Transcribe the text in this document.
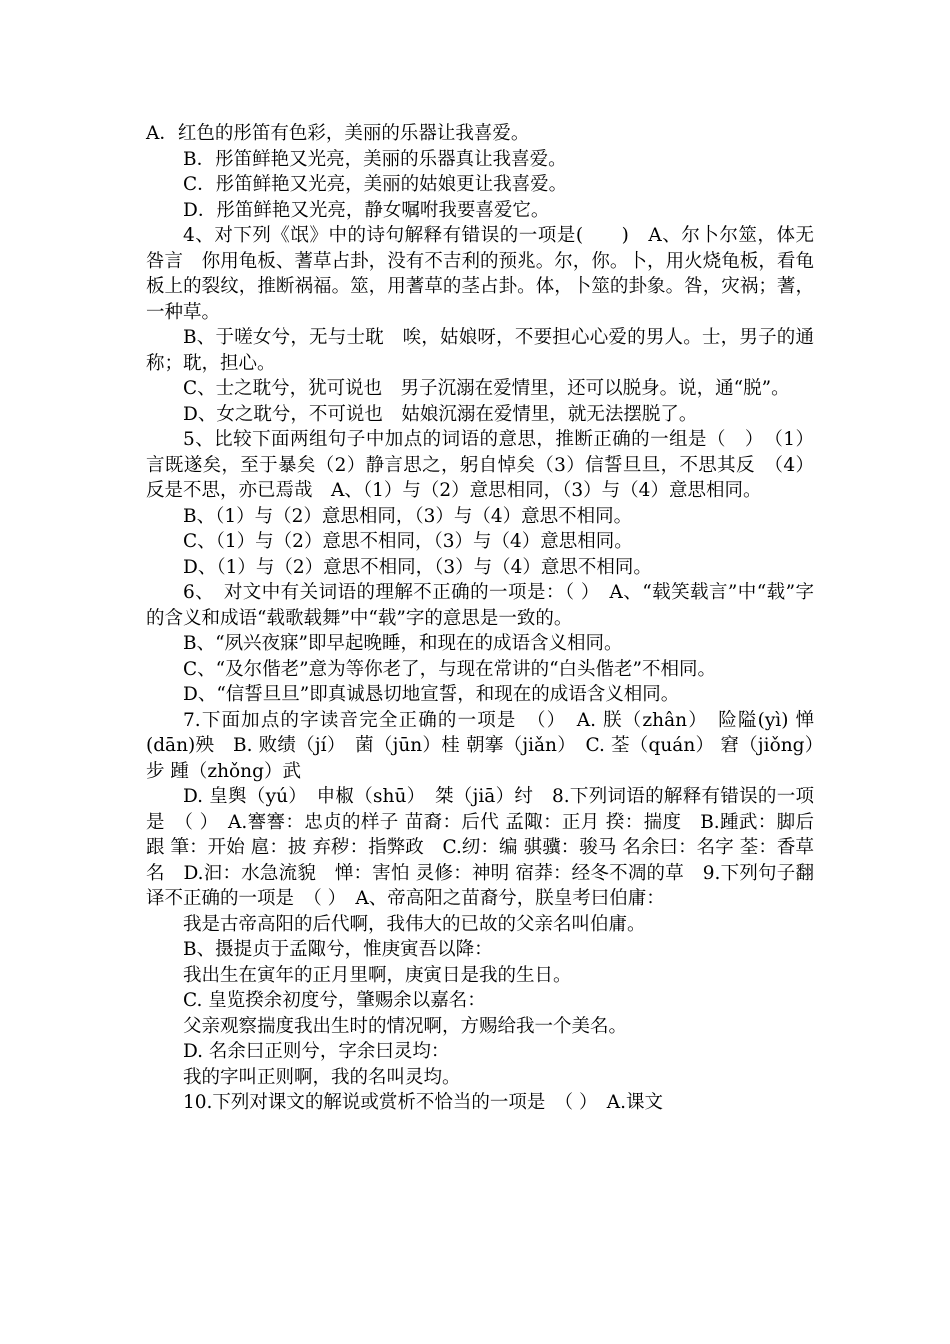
A．红色的彤笛有色彩，美丽的乐器让我喜爱。

B．彤笛鲜艳又光亮，美丽的乐器真让我喜爱。

C．彤笛鲜艳又光亮，美丽的姑娘更让我喜爱。

D．彤笛鲜艳又光亮，静女嘱咐我要喜爱它。

4、对下列《氓》中的诗句解释有错误的一项是(　　)　A、尔卜尔筮，体无咎言　你用龟板、蓍草占卦，没有不吉利的预兆。尔，你。卜，用火烧龟板，看龟板上的裂纹，推断祸福。筮，用蓍草的茎占卦。体，卜筮的卦象。咎，灾祸；蓍，一种草。

B、于嗟女兮，无与士耽　唉，姑娘呀，不要担心心爱的男人。士，男子的通称；耽，担心。

C、士之耽兮，犹可说也　男子沉溺在爱情里，还可以脱身。说，通“脱”。

D、女之耽兮，不可说也　姑娘沉溺在爱情里，就无法摆脱了。

5、比较下面两组句子中加点的词语的意思，推断正确的一组是（　）　（1）言既遂矣，至于暴矣（2）静言思之，躬自悼矣（3）信誓旦旦，不思其反　（4）反是不思，亦已焉哉　A、（1）与（2）意思相同，（3）与（4）意思相同。

B、（1）与（2）意思相同，（3）与（4）意思不相同。

C、（1）与（2）意思不相同，（3）与（4）意思相同。

D、（1）与（2）意思不相同，（3）与（4）意思不相同。

6、　对文中有关词语的理解不正确的一项是：（ ）　A、“载笑载言”中“载”字的含义和成语“载歌载舞”中“载”字的意思是一致的。

B、“夙兴夜寐”即早起晚睡，和现在的成语含义相同。

C、“及尔偕老”意为等你老了，与现在常讲的“白头偕老”不相同。

D、“信誓旦旦”即真诚恳切地宣誓，和现在的成语含义相同。

7.下面加点的字读音完全正确的一项是　（）　A. 朕（zhân）　险隘(yì) 惮(dān)殃　B. 败绩（jí）　菌（jūn）桂 朝搴（jiǎn）　C. 荃（quán） 窘（jiǒng）步 踵（zhǒng）武

D. 皇舆（yú）　申椒（shū）　桀（jiā）纣　8.下列词语的解释有错误的一项是　（ ）　A.謇謇：忠贞的样子 苗裔：后代 孟陬：正月 揆：揣度　B.踵武：脚后跟 筆：开始 扈：披 弃秽：指弊政　C.纫：编 骐骥：骏马 名余曰：名字 荃：香草名　D.汩：水急流貌　惮：害怕 灵修：神明 宿莽：经冬不凋的草　9.下列句子翻译不正确的一项是　（ ）　A、帝高阳之苗裔兮，朕皇考曰伯庸：

我是古帝高阳的后代啊，我伟大的已故的父亲名叫伯庸。

B、摄提贞于孟陬兮，惟庚寅吾以降：

我出生在寅年的正月里啊，庚寅日是我的生日。

C. 皇览揆余初度兮，肇赐余以嘉名：

父亲观察揣度我出生时的情况啊，方赐给我一个美名。

D. 名余曰正则兮，字余曰灵均：

我的字叫正则啊，我的名叫灵均。

10.下列对课文的解说或赏析不恰当的一项是　（ ）　A.课文
